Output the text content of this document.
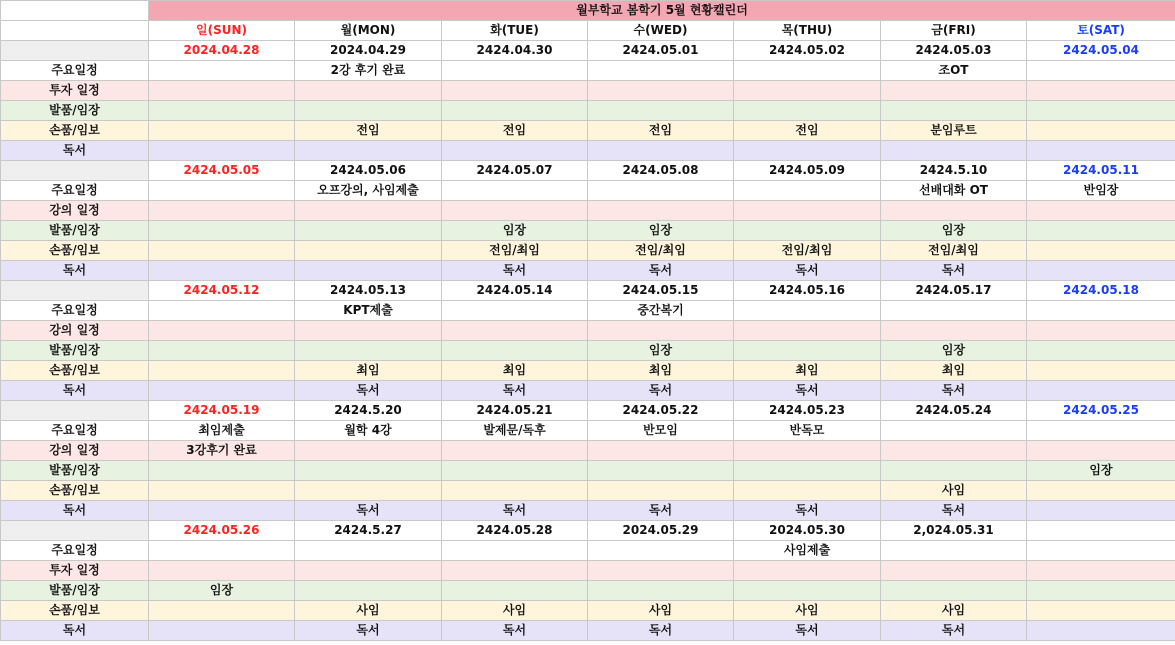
	월부학교 봄학기 5월 현황캘린더						
	일(SUN)	월(MON)	화(TUE)	수(WED)	목(THU)	금(FRI)	토(SAT)
	2024.04.28	2024.04.29	2424.04.30	2424.05.01	2424.05.02	2424.05.03	2424.05.04
주요일정		2강 후기 완료				조OT	
투자 일정							
발품/임장							
손품/임보		전임	전임	전임	전임	분임루트	
독서							
	2424.05.05	2424.05.06	2424.05.07	2424.05.08	2424.05.09	2424.5.10	2424.05.11
주요일정		오프강의, 사임제출				선배대화 OT	반임장
강의 일정							
발품/임장			임장	임장		임장	
손품/임보			전임/최임	전임/최임	전임/최임	전임/최임	
독서			독서	독서	독서	독서	
	2424.05.12	2424.05.13	2424.05.14	2424.05.15	2424.05.16	2424.05.17	2424.05.18
주요일정		KPT제출		중간복기			
강의 일정							
발품/임장				임장		임장	
손품/임보		최임	최임	최임	최임	최임	
독서		독서	독서	독서	독서	독서	
	2424.05.19	2424.5.20	2424.05.21	2424.05.22	2424.05.23	2424.05.24	2424.05.25
주요일정	최임제출	월학 4강	발제문/독후	반모임	반독모		
강의 일정	3강후기 완료						
발품/임장							임장
손품/임보						사임	
독서		독서	독서	독서	독서	독서	
	2424.05.26	2424.5.27	2424.05.28	2024.05.29	2024.05.30	2,024.05.31	
주요일정					사임제출		
투자 일정							
발품/임장	임장						
손품/임보		사임	사임	사임	사임	사임	
독서		독서	독서	독서	독서	독서	
